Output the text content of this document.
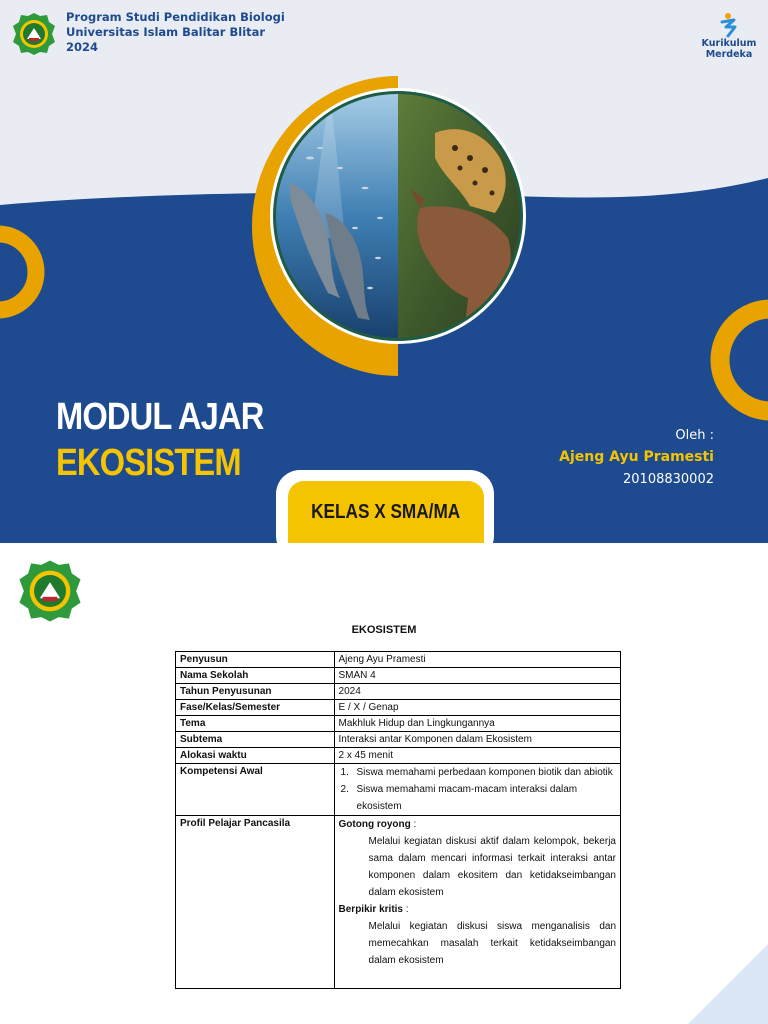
Program Studi Pendidikan Biologi
Universitas Islam Balitar Blitar
2024	Kurikulum
Merdeka
MODUL AJAR
EKOSISTEM
Oleh :
Ajeng Ayu Pramesti
20108830002
KELAS X SMA/MA
EKOSISTEM
Penyusun	Ajeng Ayu Pramesti
Nama Sekolah	SMAN 4
Tahun Penyusunan	2024
Fase/Kelas/Semester	E / X / Genap
Tema	Makhluk Hidup dan Lingkungannya
Subtema	Interaksi antar Komponen dalam Ekosistem
Alokasi waktu	2 x 45 menit
Kompetensi Awal	1. Siswa memahami perbedaan komponen biotik dan abiotik
2. Siswa memahami macam-macam interaksi dalam ekosistem

Profil Pelajar Pancasila	Gotong royong :
Melalui kegiatan diskusi aktif dalam kelompok, bekerja sama dalam mencari informasi terkait interaksi antar komponen dalam ekositem dan ketidakseimbangan dalam ekosistem
Berpikir kritis :
Melalui kegiatan diskusi siswa menganalisis dan memecahkan masalah terkait ketidakseimbangan dalam ekosistem
